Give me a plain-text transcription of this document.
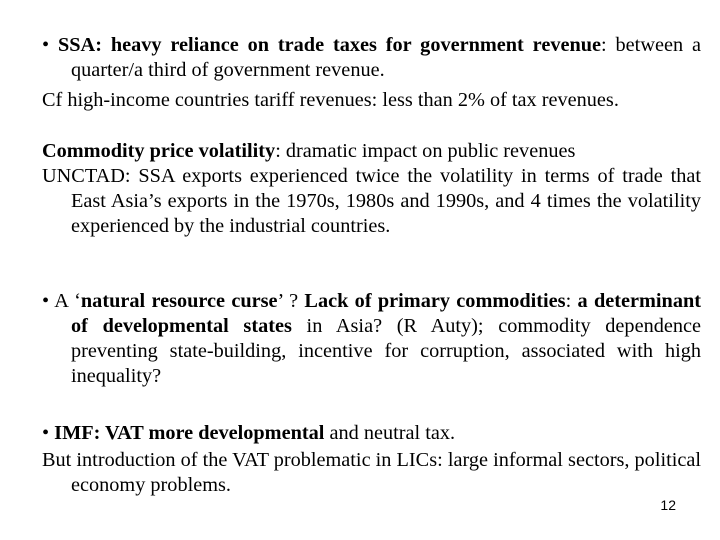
• SSA: heavy reliance on trade taxes for government revenue: between a quarter/a third of government revenue.

Cf high-income countries tariff revenues: less than 2% of tax revenues.

Commodity price volatility: dramatic impact on public revenues

UNCTAD: SSA exports experienced twice the volatility in terms of trade that East Asia’s exports in the 1970s, 1980s and 1990s, and 4 times the volatility experienced by the industrial countries.

• A ‘natural resource curse’ ? Lack of primary commodities: a determinant of developmental states in Asia? (R Auty); commodity dependence preventing state-building, incentive for corruption, associated with high inequality?

• IMF: VAT more developmental and neutral tax.

But introduction of the VAT problematic in LICs: large informal sectors, political economy problems.

12
